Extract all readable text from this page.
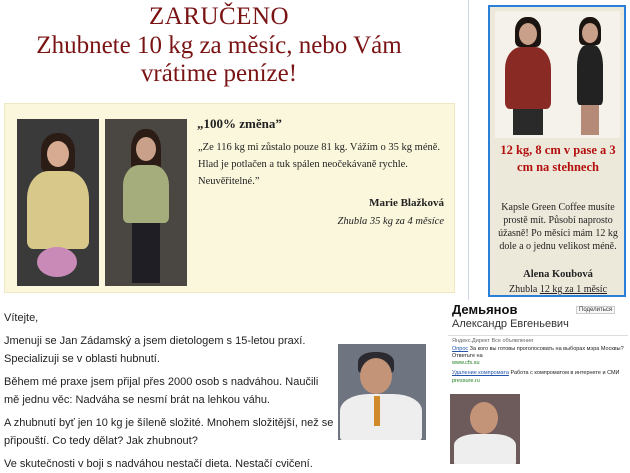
ZARUČENO
Zhubnete 10 kg za měsíc, nebo Vám
vrátime peníze!
„100% změna”
„Ze 116 kg mi zůstalo pouze 81 kg. Vážím o 35 kg méně. Hlad je potlačen a tuk spálen neočekávaně rychle. Neuvěřitelné.”
Marie Blažková
Zhubla 35 kg za 4 měsíce
12 kg, 8 cm v pase a 3 cm na stehnech
Kapsle Green Coffee musíte prostě mít. Působí naprosto úžasně! Po měsíci mám 12 kg dole a o jednu velikost méně.
Alena Koubová
Zhubla 12 kg za 1 měsíc
Vítejte,
Jmenuji se Jan Zádamský a jsem dietologem s 15-letou praxí. Specializuji se v oblasti hubnutí.
Během mé praxe jsem přijal přes 2000 osob s nadváhou. Naučili mě jednu věc: Nadváha se nesmí brát na lehkou váhu.
A zhubnutí byť jen 10 kg je šíleně složité. Mnohem složitější, než se připouští. Co tedy dělat? Jak zhubnout?
Ve skutečnosti v boji s nadváhou nestačí dieta. Nestačí cvičení.
Демьянов
Александр Евгеньевич
Поделиться
Яндекс.Директ Все объявления
Опрос За кого вы готовы проголосовать на выборах мэра Москвы? Ответьте на
www.cfs.su
Удаление компромата Работа с компроматом в интернете и СМИ
pressure.ru
